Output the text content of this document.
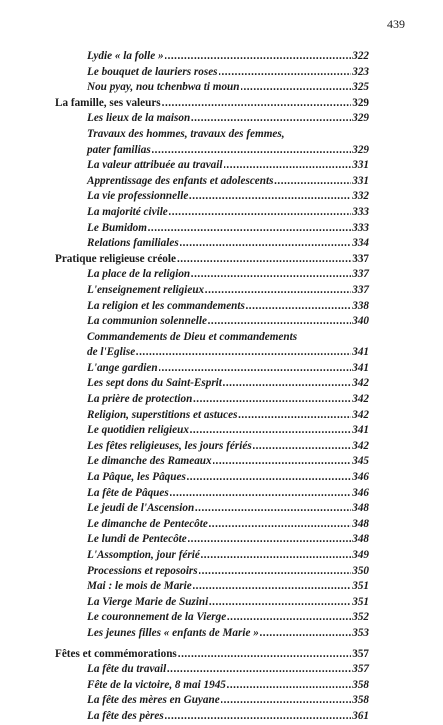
439
Lydie « la folle » .....	322
Le bouquet de lauriers roses .....	323
Nou pyay, nou tchenbwa ti moun .....	325
La famille, ses valeurs .....	329
Les lieux de la maison .....	329
Travaux des hommes, travaux des femmes,
pater familias .....	329
La valeur attribuée au travail .....	331
Apprentissage des enfants et adolescents .....	331
La vie professionnelle .....	332
La majorité civile .....	333
Le Bumidom .....	333
Relations familiales .....	334
Pratique religieuse créole .....	337
La place de la religion .....	337
L'enseignement religieux .....	337
La religion et les commandements .....	338
La communion solennelle .....	340
Commandements de Dieu et commandements
de l'Eglise .....	341
L'ange gardien .....	341
Les sept dons du Saint-Esprit .....	342
La prière de protection .....	342
Religion, superstitions et astuces .....	342
Le quotidien religieux .....	341
Les fêtes religieuses, les jours fériés .....	342
Le dimanche des Rameaux .....	345
La Pâque, les Pâques .....	346
La fête de Pâques .....	346
Le jeudi de l'Ascension .....	348
Le dimanche de Pentecôte .....	348
Le lundi de Pentecôte .....	348
L'Assomption, jour férié .....	349
Processions et reposoirs .....	350
Mai : le mois de Marie .....	351
La Vierge Marie de Suzini .....	351
Le couronnement de la Vierge .....	352
Les jeunes filles « enfants de Marie » .....	353
Fêtes et commémorations .....	357
La fête du travail .....	357
Fête de la victoire, 8 mai 1945 .....	358
La fête des mères en Guyane .....	358
La fête des pères .....	361
